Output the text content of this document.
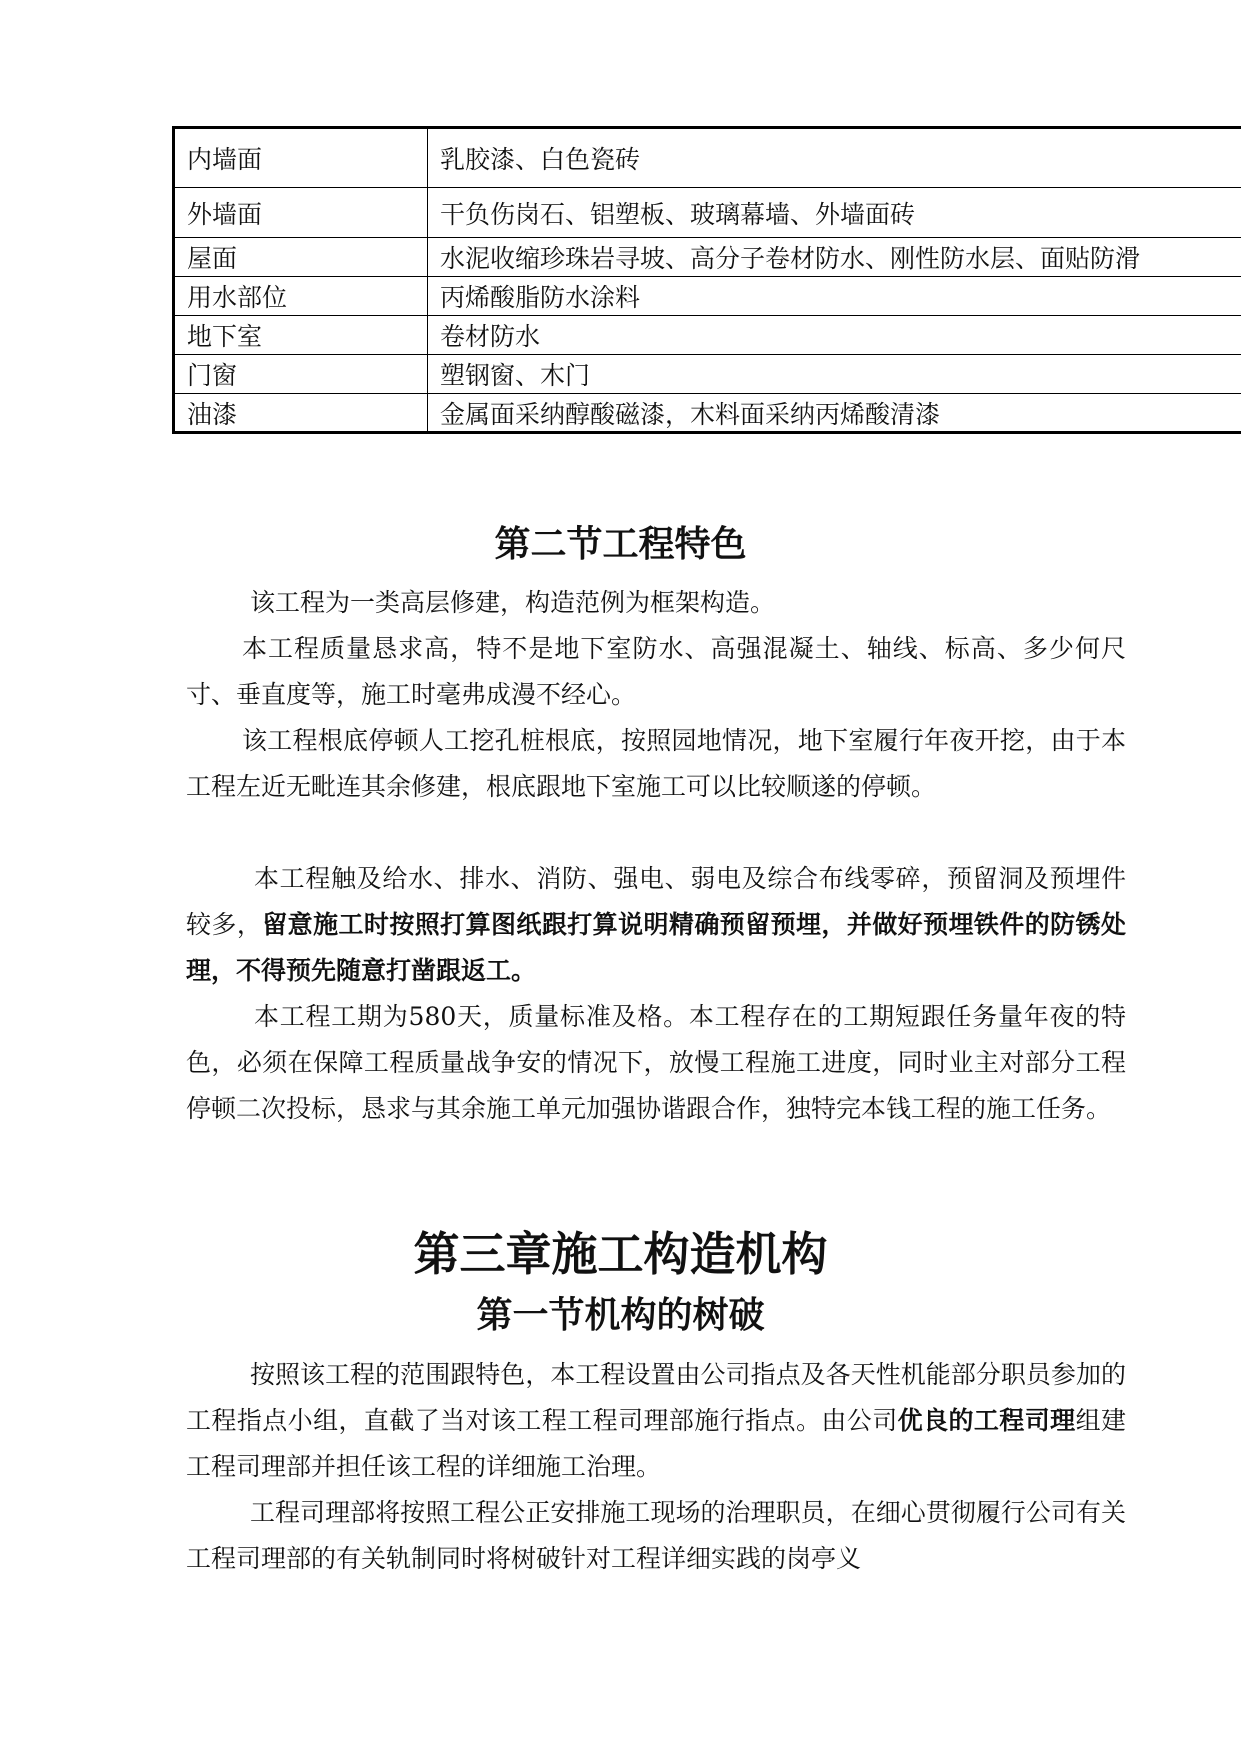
内墙面	乳胶漆、白色瓷砖
外墙面	干负伤岗石、铝塑板、玻璃幕墙、外墙面砖
屋面	水泥收缩珍珠岩寻坡、高分子卷材防水、刚性防水层、面贴防滑
用水部位	丙烯酸脂防水涂料
地下室	卷材防水
门窗	塑钢窗、木门
油漆	金属面采纳醇酸磁漆，木料面采纳丙烯酸清漆
第二节工程特色

该工程为一类高层修建，构造范例为框架构造。

本工程质量恳求高，特不是地下室防水、高强混凝土、轴线、标高、多少何尺寸、垂直度等，施工时毫弗成漫不经心。

该工程根底停顿人工挖孔桩根底，按照园地情况，地下室履行年夜开挖，由于本工程左近无毗连其余修建，根底跟地下室施工可以比较顺遂的停顿。

本工程触及给水、排水、消防、强电、弱电及综合布线零碎，预留洞及预埋件较多，留意施工时按照打算图纸跟打算说明精确预留预埋，并做好预埋铁件的防锈处理，不得预先随意打凿跟返工。

本工程工期为580天，质量标准及格。本工程存在的工期短跟任务量年夜的特色，必须在保障工程质量战争安的情况下，放慢工程施工进度，同时业主对部分工程停顿二次投标，恳求与其余施工单元加强协谐跟合作，独特完本钱工程的施工任务。

第三章施工构造机构
第一节机构的树破

按照该工程的范围跟特色，本工程设置由公司指点及各天性机能部分职员参加的工程指点小组，直截了当对该工程工程司理部施行指点。由公司优良的工程司理组建工程司理部并担任该工程的详细施工治理。

工程司理部将按照工程公正安排施工现场的治理职员，在细心贯彻履行公司有关工程司理部的有关轨制同时将树破针对工程详细实践的岗亭义
